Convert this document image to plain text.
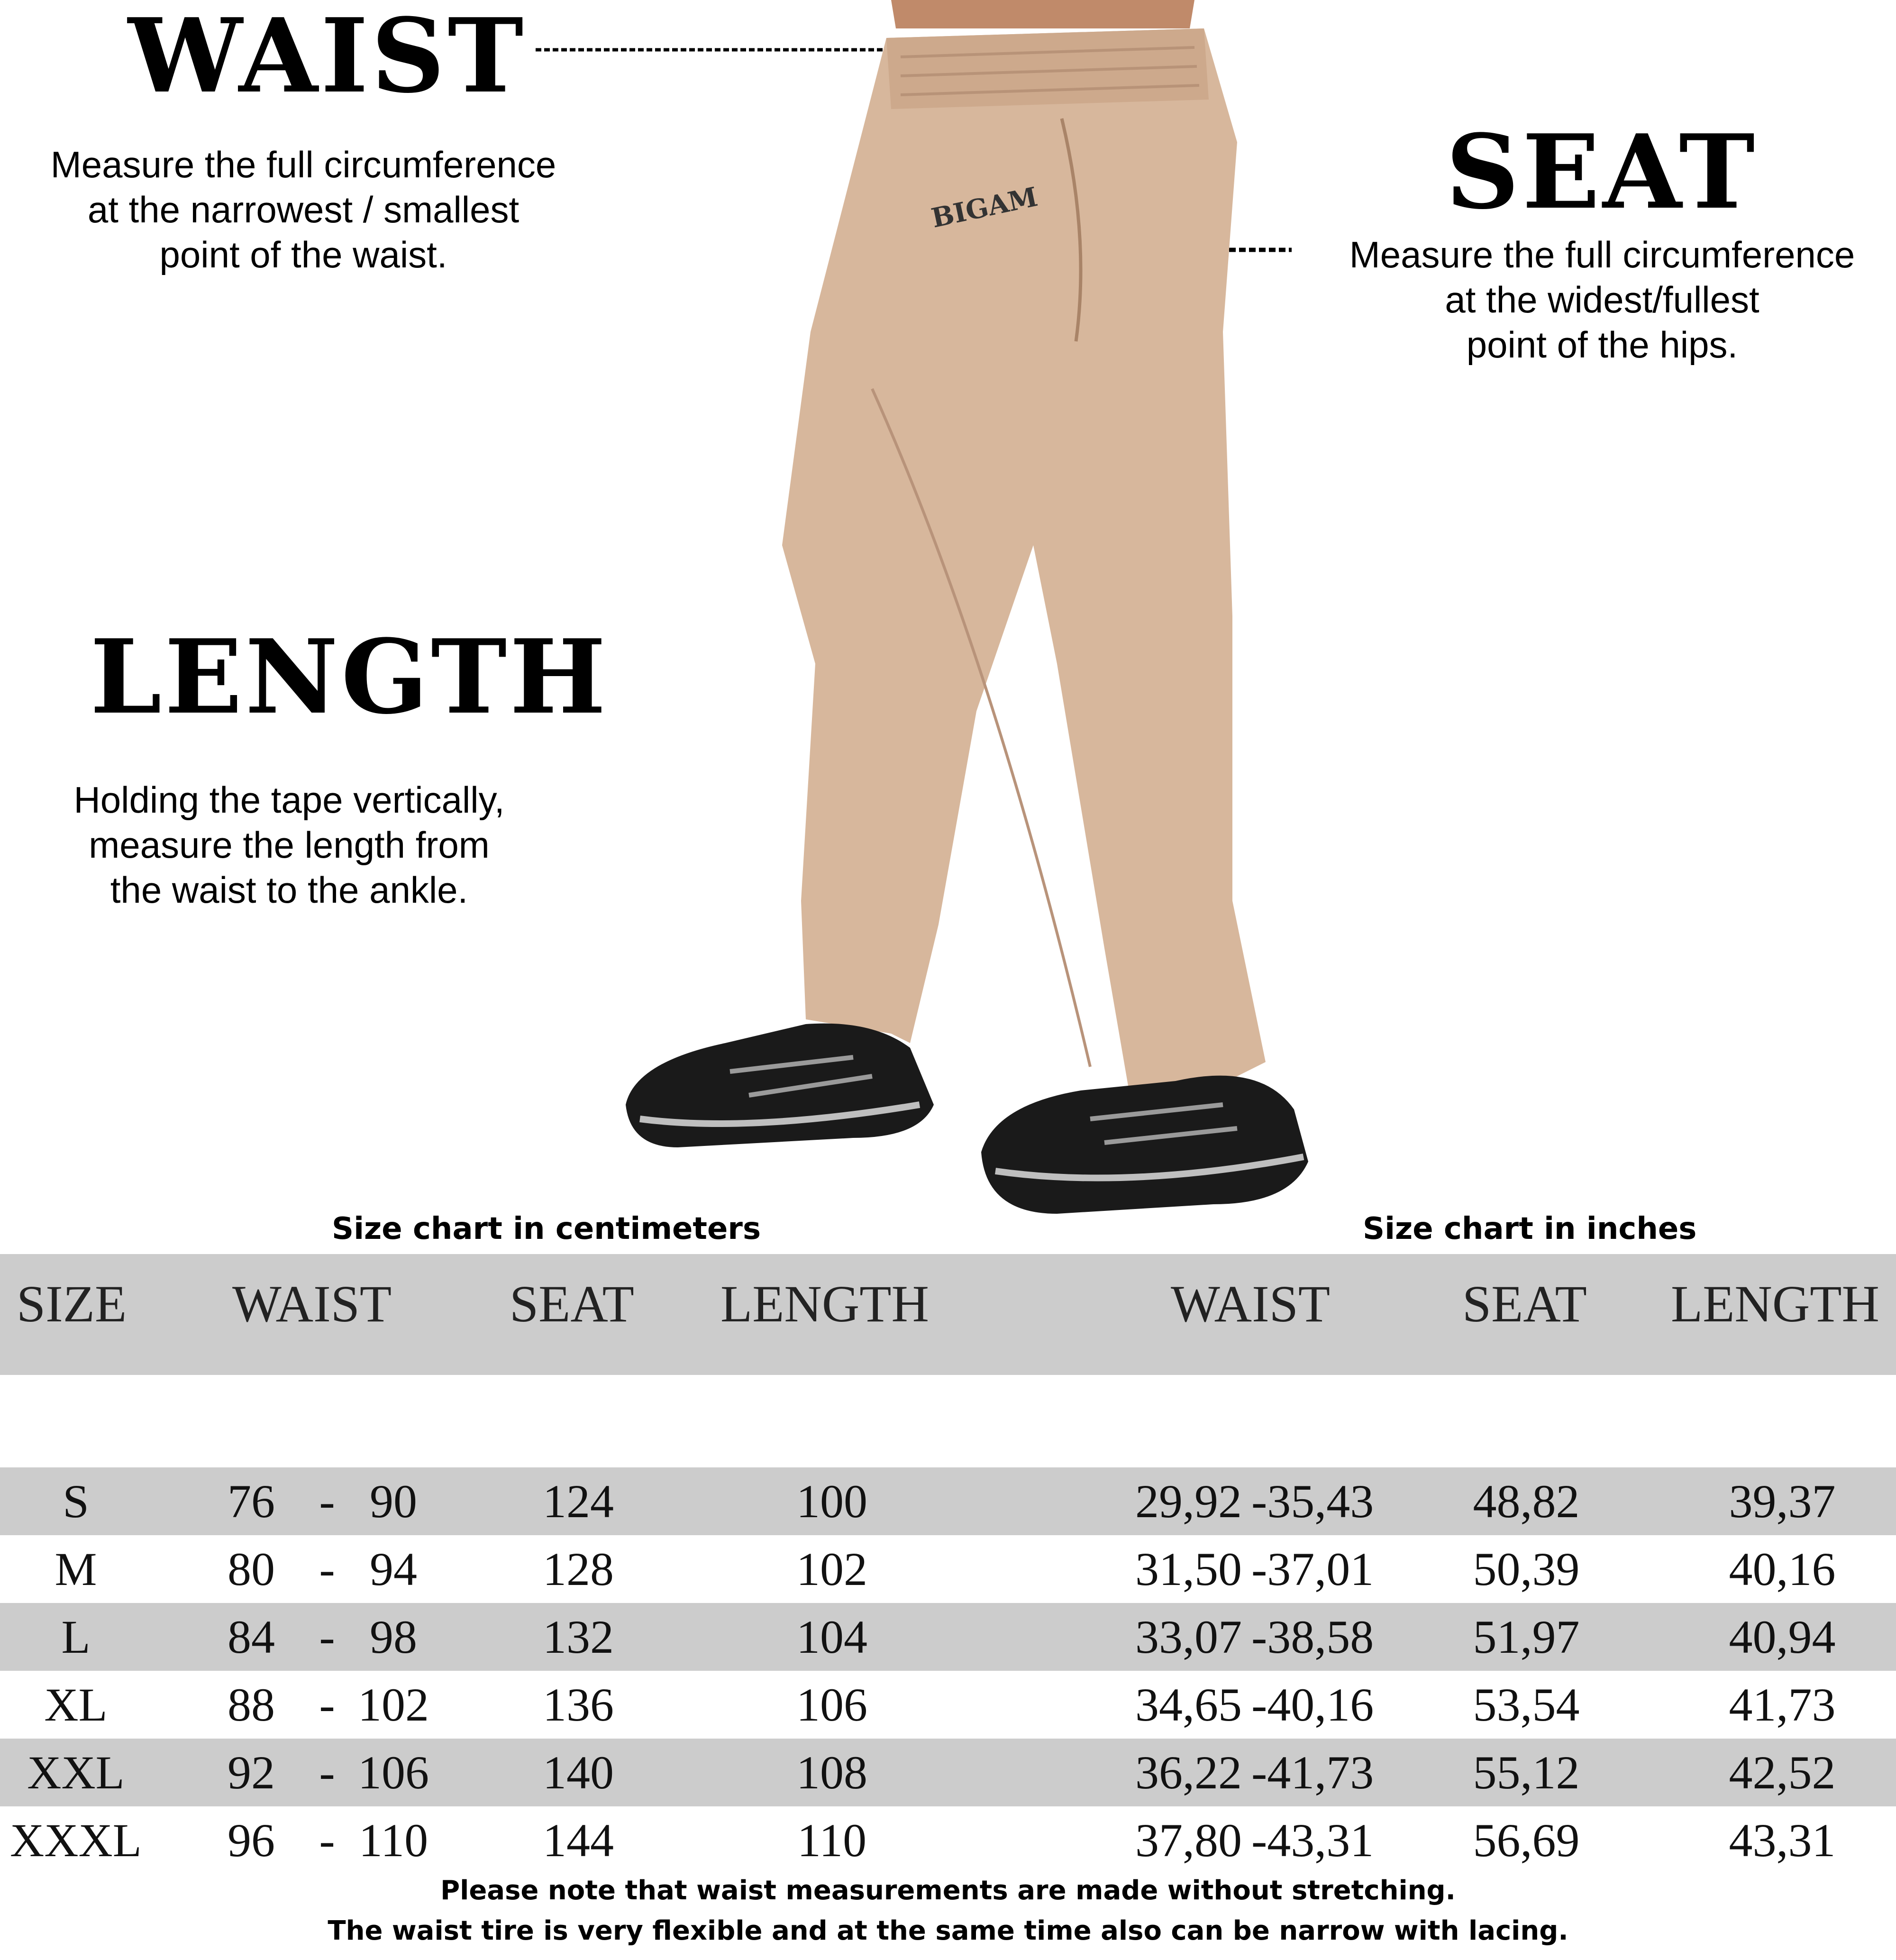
WAIST
Measure the full circumference
at the narrowest / smallest
point of the waist.
SEAT
Measure the full circumference
at the widest/fullest
point of the hips.
LENGTH
Holding the tape vertically,
measure the length from
the waist to the ankle.
BIGAM
Size chart in centimeters	Size chart in inches
SIZE WAIST SEAT LENGTH	WAIST	SEAT LENGTH
S	76 - 90	124	100	29,92 -35,43	48,82	39,37
M	80 - 94	128	102	31,50 -37,01	50,39	40,16
L	84 - 98	132	104	33,07 -38,58	51,97	40,94
XL	88 - 102	136	106	34,65 -40,16	53,54	41,73
XXL	92 - 106	140	108	36,22 -41,73	55,12	42,52
XXXL 96 - 110	144	110	37,80 -43,31	56,69	43,31
Please note that waist measurements are made without stretching.
The waist tire is very flexible and at the same time also can be narrow with lacing.
